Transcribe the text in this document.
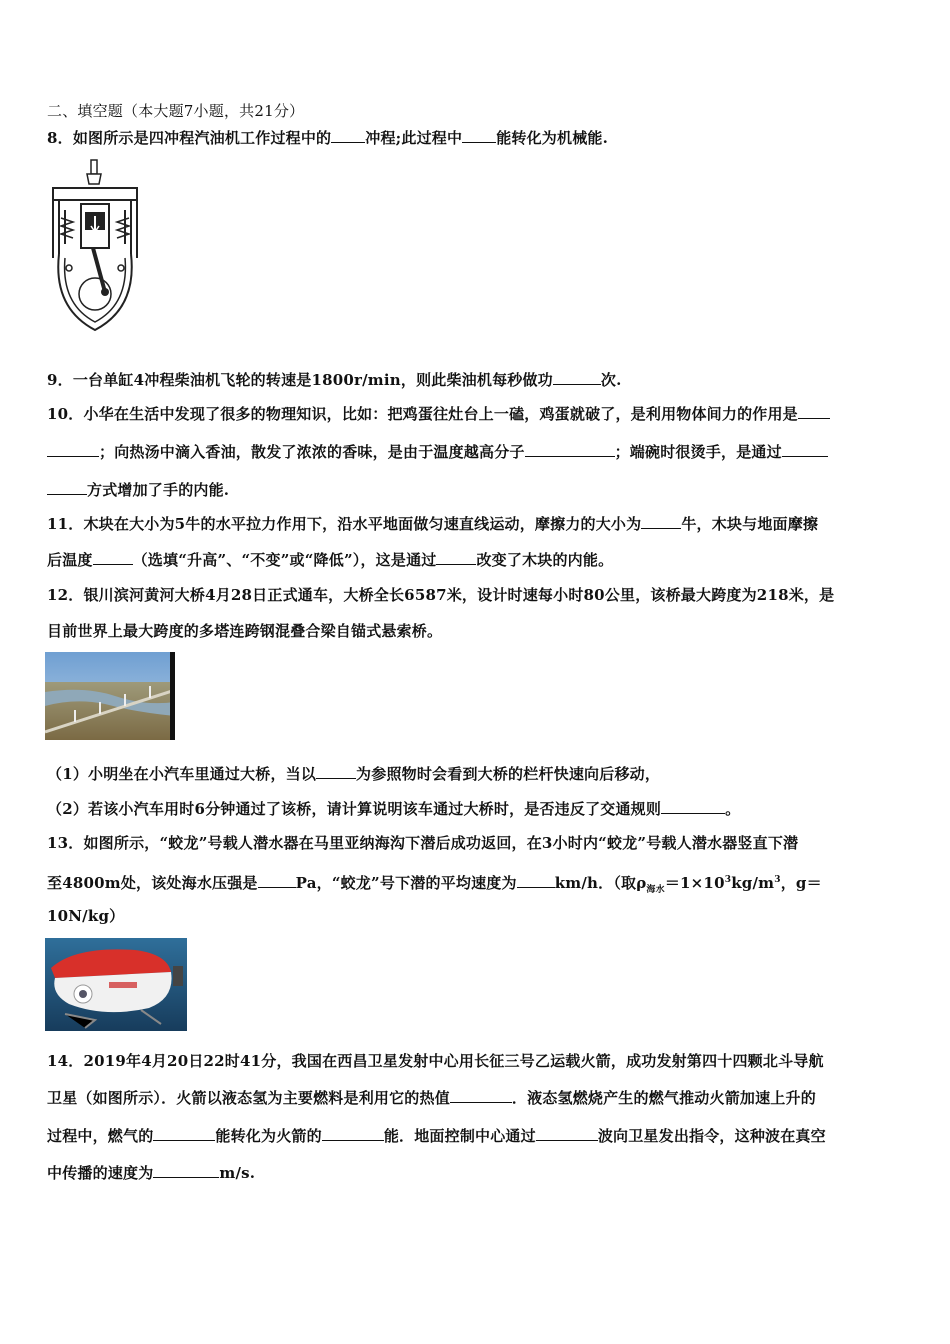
二、填空题（本大题7小题，共21分）
8．如图所示是四冲程汽油机工作过程中的 冲程;此过程中 能转化为机械能.
9．一台单缸4冲程柴油机飞轮的转速是1800r/min，则此柴油机每秒做功	次.
10．小华在生活中发现了很多的物理知识，比如：把鸡蛋往灶台上一磕，鸡蛋就破了，是利用物体间力的作用是
；向热汤中滴入香油，散发了浓浓的香味，是由于温度越高分子	；端碗时很烫手，是通过
方式增加了手的内能.
11．木块在大小为5牛的水平拉力作用下，沿水平地面做匀速直线运动，摩擦力的大小为	牛，木块与地面摩擦
后温度	（选填“升高”、“不变”或“降低”），这是通过	改变了木块的内能。
12．银川滨河黄河大桥4月28日正式通车，大桥全长6587米，设计时速每小时80公里，该桥最大跨度为218米，是
目前世界上最大跨度的多塔连跨钢混叠合梁自锚式悬索桥。
（1）小明坐在小汽车里通过大桥，当以	为参照物时会看到大桥的栏杆快速向后移动，
（2）若该小汽车用时6分钟通过了该桥，请计算说明该车通过大桥时，是否违反了交通规则	。
13．如图所示，“蛟龙”号载人潜水器在马里亚纳海沟下潜后成功返回，在3小时内“蛟龙”号载人潜水器竖直下潜
至4800m处，该处海水压强是	Pa，“蛟龙”号下潜的平均速度为	km/h．（取$\rho_{海水}=1\times 10^3kg/m^3$，g＝
10N/kg）
14．2019年4月20日22时41分，我国在西昌卫星发射中心用长征三号乙运载火箭，成功发射第四十四颗北斗导航
卫星（如图所示）．火箭以液态氢为主要燃料是利用它的热值	．液态氢燃烧产生的燃气推动火箭加速上升的
过程中，燃气的	能转化为火箭的	能．地面控制中心通过	波向卫星发出指令，这种波在真空
中传播的速度为	m/s.
